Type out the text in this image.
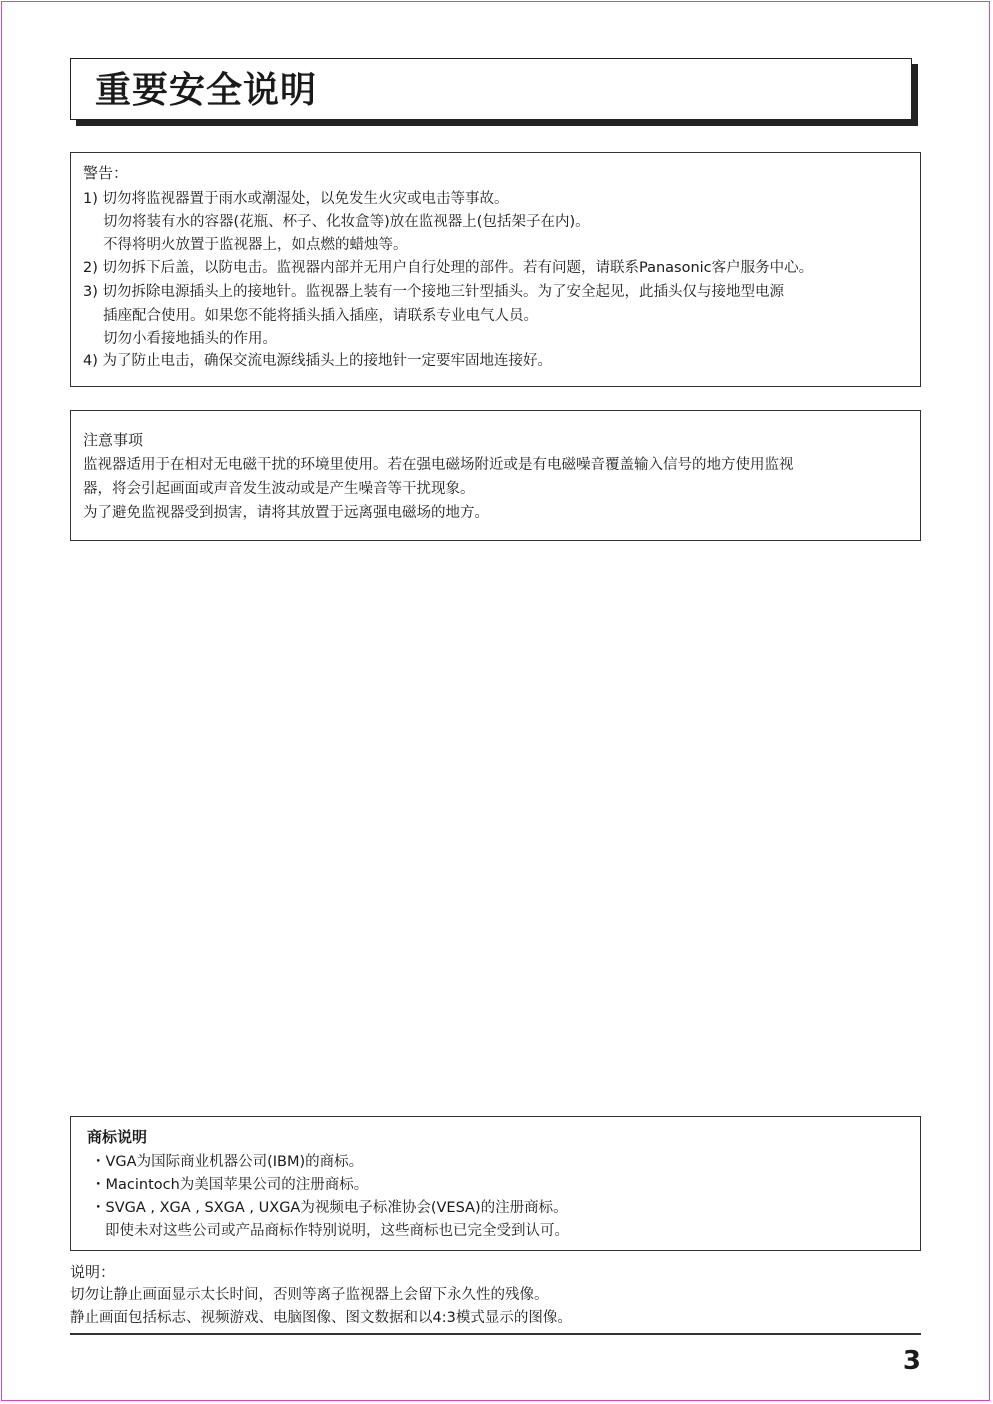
重要安全说明
警告：
1) 切勿将监视器置于雨水或潮湿处，以免发生火灾或电击等事故。
切勿将装有水的容器(花瓶、杯子、化妆盒等)放在监视器上(包括架子在内)。
不得将明火放置于监视器上，如点燃的蜡烛等。
2) 切勿拆下后盖，以防电击。监视器内部并无用户自行处理的部件。若有问题，请联系Panasonic客户服务中心。
3) 切勿拆除电源插头上的接地针。监视器上装有一个接地三针型插头。为了安全起见，此插头仅与接地型电源
插座配合使用。如果您不能将插头插入插座，请联系专业电气人员。
切勿小看接地插头的作用。
4) 为了防止电击，确保交流电源线插头上的接地针一定要牢固地连接好。
注意事项
监视器适用于在相对无电磁干扰的环境里使用。若在强电磁场附近或是有电磁噪音覆盖输入信号的地方使用监视
器，将会引起画面或声音发生波动或是产生噪音等干扰现象。
为了避免监视器受到损害，请将其放置于远离强电磁场的地方。
商标说明
・VGA为国际商业机器公司(IBM)的商标。
・Macintoch为美国苹果公司的注册商标。
・SVGA , XGA , SXGA , UXGA为视频电子标准协会(VESA)的注册商标。
即使未对这些公司或产品商标作特别说明，这些商标也已完全受到认可。
说明：
切勿让静止画面显示太长时间，否则等离子监视器上会留下永久性的残像。
静止画面包括标志、视频游戏、电脑图像、图文数据和以4:3模式显示的图像。
3
